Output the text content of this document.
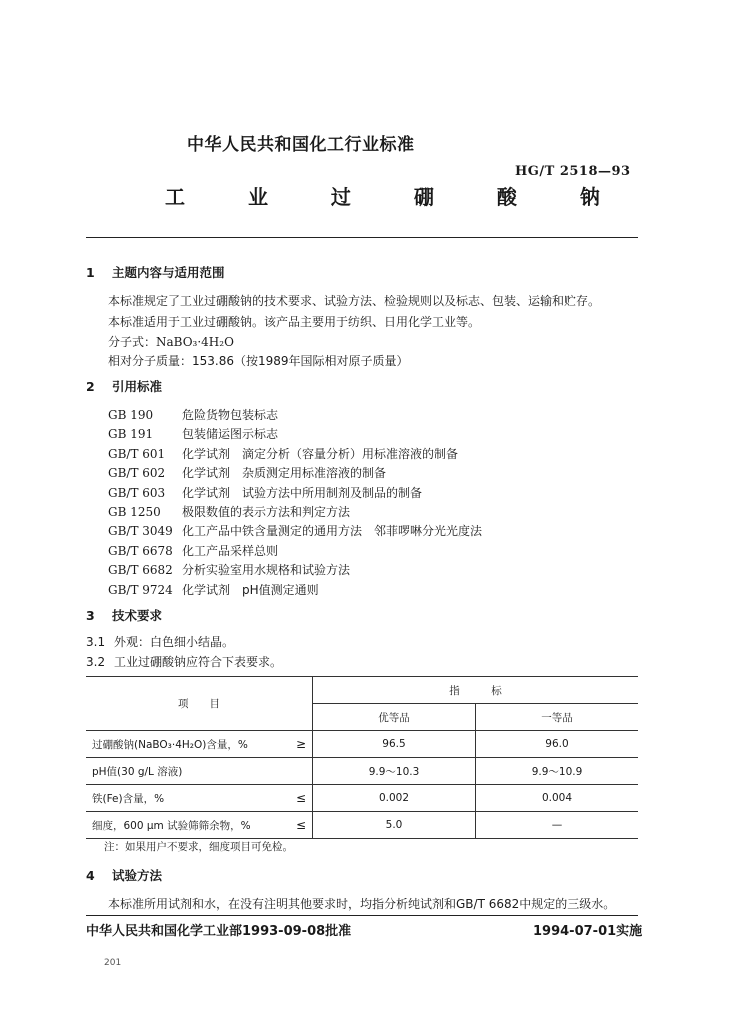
中华人民共和国化工行业标准
HG/T 2518—93
工 业 过 硼 酸 钠
1 主题内容与适用范围
本标准规定了工业过硼酸钠的技术要求、试验方法、检验规则以及标志、包装、运输和贮存。
本标准适用于工业过硼酸钠。该产品主要用于纺织、日用化学工业等。
分子式：NaBO₃·4H₂O
相对分子质量：153.86（按1989年国际相对原子质量）
2 引用标准
GB 190 危险货物包装标志
GB 191 包装储运图示标志
GB/T 601 化学试剂　滴定分析（容量分析）用标准溶液的制备
GB/T 602 化学试剂　杂质测定用标准溶液的制备
GB/T 603 化学试剂　试验方法中所用制剂及制品的制备
GB 1250 极限数值的表示方法和判定方法
GB/T 3049 化工产品中铁含量测定的通用方法　邻菲啰啉分光光度法
GB/T 6678 化工产品采样总则
GB/T 6682 分析实验室用水规格和试验方法
GB/T 9724 化学试剂　pH值测定通则
3 技术要求
3.1 外观：白色细小结晶。
3.2 工业过硼酸钠应符合下表要求。
项　　目		指　　　标	
		优等品	一等品
过硼酸钠(NaBO₃·4H₂O)含量，%	≥	96.5	96.0
pH值(30 g/L 溶液)		9.9～10.3	9.9～10.9
铁(Fe)含量，%	≤	0.002	0.004
细度，600 μm 试验筛筛余物，%	≤	5.0	—
注：如果用户不要求，细度项目可免检。
4 试验方法
本标准所用试剂和水，在没有注明其他要求时，均指分析纯试剂和GB/T 6682中规定的三级水。
中华人民共和国化学工业部1993-09-08批准	1994-07-01实施
201
